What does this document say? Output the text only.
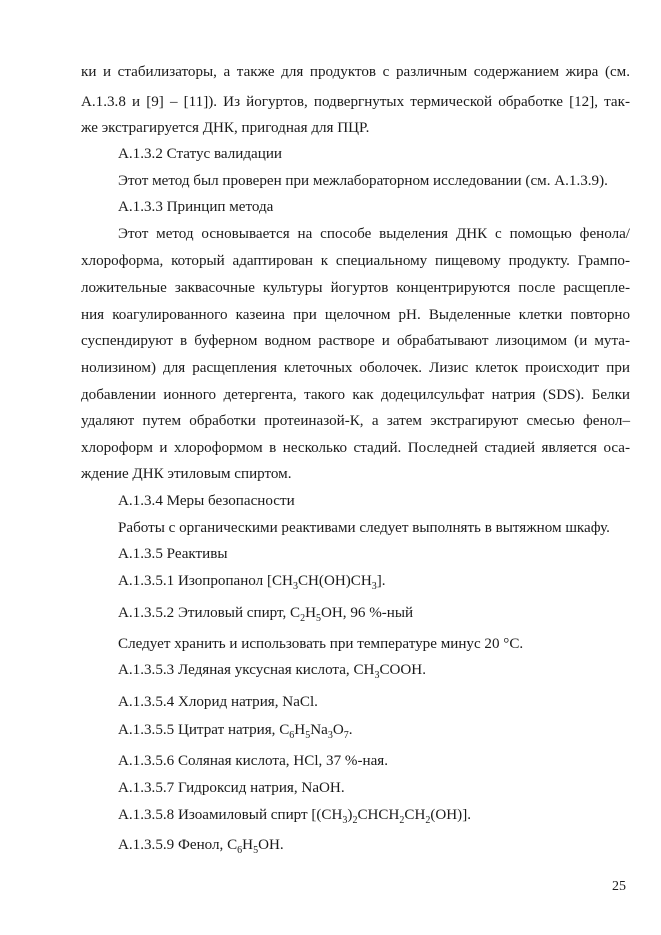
ки и стабилизаторы, а также для продуктов с различным содержанием жира (см.
А.1.3.8 и [9] – [11]). Из йогуртов, подвергнутых термической обработке [12], так-
же экстрагируется ДНК, пригодная для ПЦР.
А.1.3.2 Статус валидации
Этот метод был проверен при межлабораторном исследовании (см. А.1.3.9).
А.1.3.3 Принцип метода
Этот метод основывается на способе выделения ДНК с помощью фенола/
хлороформа, который адаптирован к специальному пищевому продукту. Грампо-
ложительные заквасочные культуры йогуртов концентрируются после расщепле-
ния коагулированного казеина при щелочном pH. Выделенные клетки повторно
суспендируют в буферном водном растворе и обрабатывают лизоцимом (и мута-
нолизином) для расщепления клеточных оболочек. Лизис клеток происходит при
добавлении ионного детергента, такого как додецилсульфат натрия (SDS). Белки
удаляют путем обработки протеиназой-К, а затем экстрагируют смесью фенол–
хлороформ и хлороформом в несколько стадий. Последней стадией является оса-
ждение ДНК этиловым спиртом.
А.1.3.4 Меры безопасности
Работы с органическими реактивами следует выполнять в вытяжном шкафу.
А.1.3.5 Реактивы
А.1.3.5.1 Изопропанол $[CH_3CH(OH)CH_3]$.
А.1.3.5.2 Этиловый спирт, $C_2H_5OH$, 96 %-ный
Следует хранить и использовать при температуре минус 20 °С.
А.1.3.5.3 Ледяная уксусная кислота, $CH_3COOH$.
А.1.3.5.4 Хлорид натрия, NaCl.
А.1.3.5.5 Цитрат натрия, $C_6H_5Na_3O_7$.
А.1.3.5.6 Соляная кислота, HCl, 37 %-ная.
А.1.3.5.7 Гидроксид натрия, NaOH.
А.1.3.5.8 Изоамиловый спирт $[(CH_3)_2CHCH_2CH_2(OH)]$.
А.1.3.5.9 Фенол, $C_6H_5OH$.
25
